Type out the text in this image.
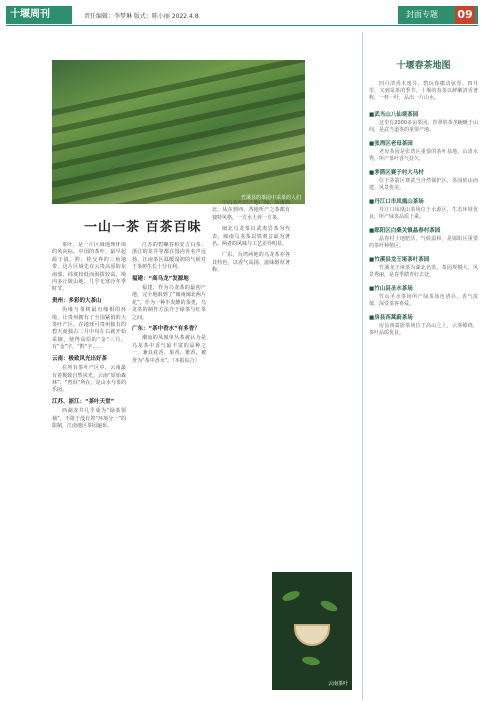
十堰周刊	责任编辑：李梦琳 版式：陈小丽 2022.4.8	封面专题 09
竹溪县的茶园中采茶的人们
一山一茶 百茶百味

茶叶，是一片区域地理环境的风向标。中国的茶叶，最早起源于滇、黔、桂交界的三角地带，这片区域先在云贵高原的东南部，纬度较低而海拔较高，境内多丘陵山地，几乎无寒冷冬季时节。

贵州：多彩的大茶山

伪缘与茶树最有缘相的环境，让贵州拥有了全国紧俏的大茶叶产区。在地球可贵州独有的碧天而独占二月中旬左右就开始采摘，使得高原的“金”三月，有“金”字，“黔”字……

云南：极致风光出好茶

在所有茶叶产区中，云南最有着极致自然风光。云南“原始森林”、“普洱”所在，是山水与茶的乐园。

江苏、浙江：“茶叶天堂”

西湖龙井几乎成为“绿茶领袖”，不限于没有着“环境分一”的限制，江南地区茶园遍布。

江苏的碧螺春和安吉白茶、浙江的龙井等都在国内外名声远扬。江南茶区温暖湿润的气候对于茶树生长十分有利。

福建：“高乌龙”发源地

福建，作为乌龙茶的最初产地，完全地取到了“闽南闽北两片花”。作为一种半发酵的茶类，乌龙茶的制作方法介于绿茶与红茶之间。

广东：“茶中香水”有多香？

潮汕的凤凰单丛茶被认为是乌龙茶中香气最丰富的品种之一，兼具花香、果香、蜜香，被誉为“茶中香水”。（本报综合）

中国茶叶的产地广阔，从南到北，从东到西，各地所产之茶都有独特风格，一方水土养一方茶。

闽北乌龙茶以武夷岩茶为代表，闽南乌龙茶以铁观音最为著名。两者的风味与工艺差异明显。

广东、台湾两地的乌龙茶亦各具特色，以香气高扬、滋味醇厚著称。

云南茶叶
十堰春茶地图

四月清香木逸芬，碧玩春徽动弦琴。四月里，又到采茶的季节。十堰的春茶以鲜嫩清香著称，一杯一叶，品出一片山水。

■武当山八仙观茶园
这里有2000多亩茶园，青翠的茶垄蜿蜒于山间，是武当道茶的重要产地。
■张湾区老母茶园
老母茶园是张湾区重要的茶叶基地，山清水秀，所产茶叶香气持久。
■茅箭区赛子村大马村
位于茅箭区赛武当自然保护区，茶园依山而建，风景优美。
■丹江口市凤凰山茶场
丹江口凤凰山茶场位于水源区，生态环境优良，所产绿茶品质上乘。
■郧阳区白桑关镇晶春村茶园
晶春村土地肥沃，气候温和，是郧阳区重要的茶叶种植区。
■竹溪县龙王垭茶叶茶园
竹溪龙王垭茶为湖北名茶，茶园规模大，风景秀丽，是春季踏青好去处。
■竹山县圣水茶场
竹山圣水茶场所产绿茶汤色清亮，香气浓郁，深受茶客喜爱。
■房县西蒿蔚茶场
房县西蒿蔚茶场位于高山之上，云雾缭绕，茶叶品质优良。
